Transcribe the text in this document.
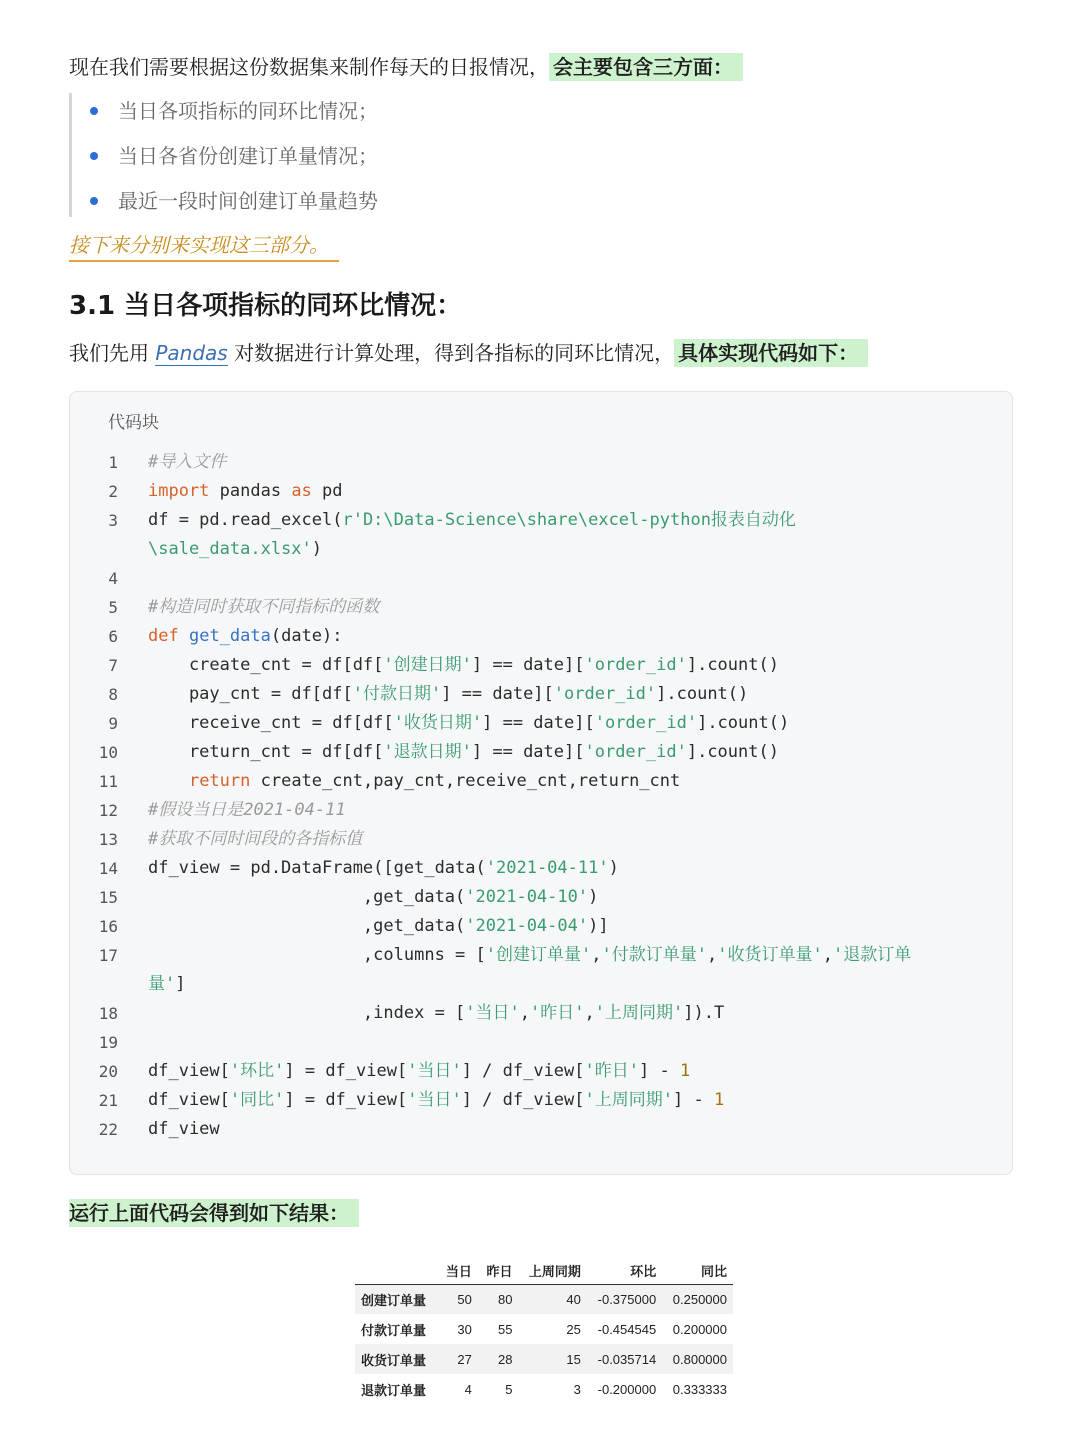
现在我们需要根据这份数据集来制作每天的日报情况， 会主要包含三方面：
当日各项指标的同环比情况；
当日各省份创建订单量情况；
最近一段时间创建订单量趋势
接下来分别来实现这三部分。
3.1 当日各项指标的同环比情况：
我们先用 Pandas 对数据进行计算处理，得到各指标的同环比情况， 具体实现代码如下：
代码块
1 #导入文件
2 import pandas as pd
3 df = pd.read_excel(r'D:\Data-Science\share\excel-python报表自动化
\sale_data.xlsx')
4
5 #构造同时获取不同指标的函数
6 def get_data(date):
7 create_cnt = df[df['创建日期'] == date]['order_id'].count()
8 pay_cnt = df[df['付款日期'] == date]['order_id'].count()
9 receive_cnt = df[df['收货日期'] == date]['order_id'].count()
10 return_cnt = df[df['退款日期'] == date]['order_id'].count()
11	return create_cnt,pay_cnt,receive_cnt,return_cnt
12 #假设当日是2021-04-11
13 #获取不同时间段的各指标值
14 df_view = pd.DataFrame([get_data('2021-04-11')
15 ,get_data('2021-04-10')
16 ,get_data('2021-04-04')]
17 ,columns = ['创建订单量','付款订单量','收货订单量','退款订单
量']
18 ,index = ['当日','昨日','上周同期']).T
19
20 df_view['环比'] = df_view['当日'] / df_view['昨日'] - 1
21 df_view['同比'] = df_view['当日'] / df_view['上周同期'] - 1
22 df_view
运行上面代码会得到如下结果：
	当日	昨日	上周同期	环比	同比
创建订单量	50	80	40	-0.375000	0.250000
付款订单量	30	55	25	-0.454545	0.200000
收货订单量	27	28	15	-0.035714	0.800000
退款订单量	4	5	3	-0.200000	0.333333
